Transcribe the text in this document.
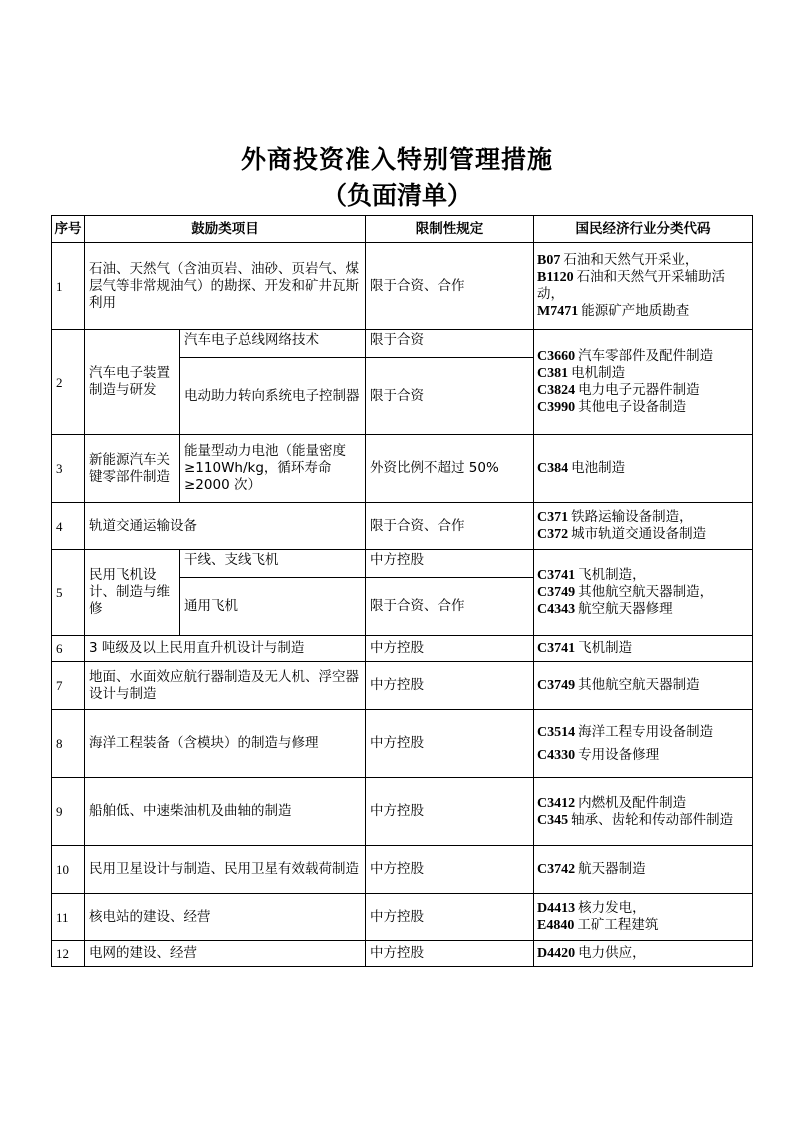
外商投资准入特别管理措施
（负面清单）
序号	鼓励类项目		限制性规定	国民经济行业分类代码
1	石油、天然气（含油页岩、油砂、页岩气、煤层气等非常规油气）的勘探、开发和矿井瓦斯利用		限于合资、合作	B07 石油和天然气开采业，
B1120 石油和天然气开采辅助活动，
M7471 能源矿产地质勘查

2	汽车电子装置制造与研发	汽车电子总线网络技术	限于合资	C3660 汽车零部件及配件制造
C381 电机制造
C3824 电力电子元器件制造
C3990 其他电子设备制造

		电动助力转向系统电子控制器	限于合资	
3	新能源汽车关键零部件制造	能量型动力电池（能量密度≥110Wh/kg，循环寿命≥2000 次）	外资比例不超过 50%	C384 电池制造

4	轨道交通运输设备		限于合资、合作	C371 铁路运输设备制造，
C372 城市轨道交通设备制造

5	民用飞机设计、制造与维修	干线、支线飞机	中方控股	C3741 飞机制造，
C3749 其他航空航天器制造，
C4343 航空航天器修理

		通用飞机	限于合资、合作	
6	3 吨级及以上民用直升机设计与制造		中方控股	C3741 飞机制造

7	地面、水面效应航行器制造及无人机、浮空器设计与制造		中方控股	C3749 其他航空航天器制造

8	海洋工程装备（含模块）的制造与修理		中方控股	C3514 海洋工程专用设备制造
C4330 专用设备修理

9	船舶低、中速柴油机及曲轴的制造		中方控股	C3412 内燃机及配件制造
C345 轴承、齿轮和传动部件制造

10	民用卫星设计与制造、民用卫星有效载荷制造		中方控股	C3742 航天器制造

11	核电站的建设、经营		中方控股	D4413 核力发电，
E4840 工矿工程建筑

12	电网的建设、经营		中方控股	D4420 电力供应，
